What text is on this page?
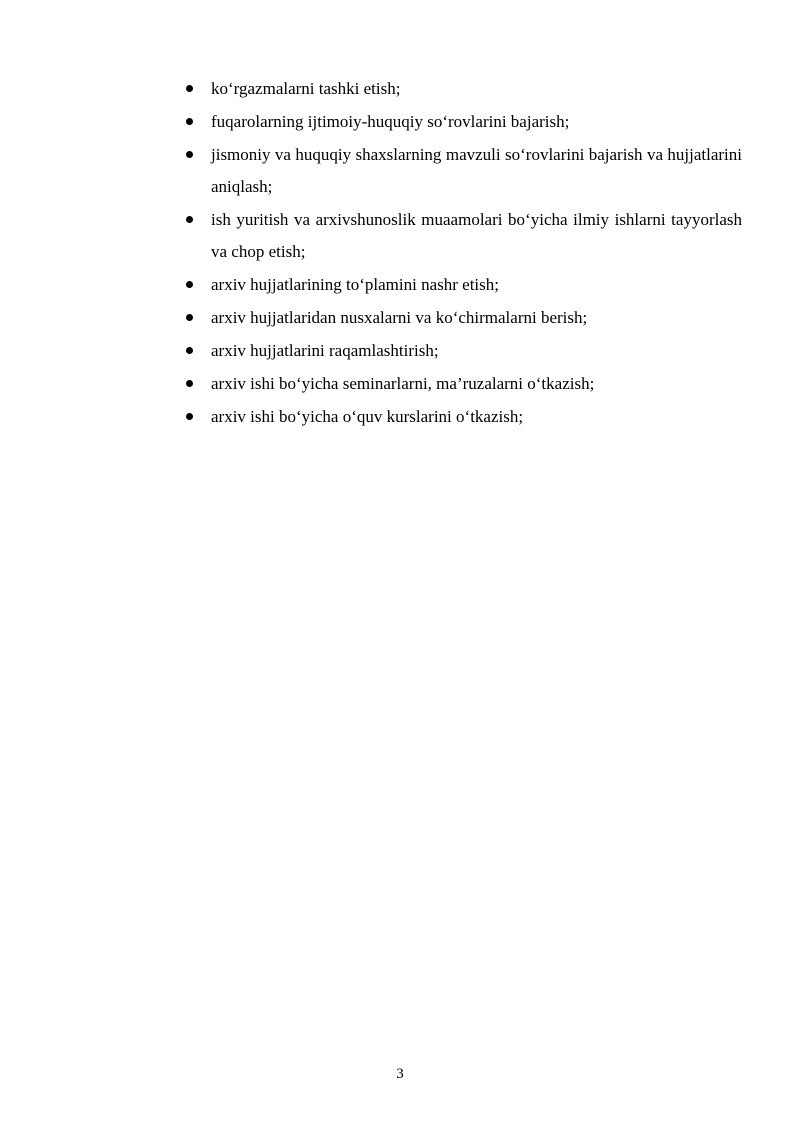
ko‘rgazmalarni tashki etish;
fuqarolarning ijtimoiy-huquqiy so‘rovlarini bajarish;
jismoniy va huquqiy shaxslarning mavzuli so‘rovlarini bajarish va hujjatlarini aniqlash;
ish yuritish va arxivshunoslik muaamolari bo‘yicha ilmiy ishlarni tayyorlash va chop etish;
arxiv hujjatlarining to‘plamini nashr etish;
arxiv hujjatlaridan nusxalarni va ko‘chirmalarni berish;
arxiv hujjatlarini raqamlashtirish;
arxiv ishi bo‘yicha seminarlarni, ma’ruzalarni o‘tkazish;
arxiv ishi bo‘yicha o‘quv kurslarini o‘tkazish;
3
